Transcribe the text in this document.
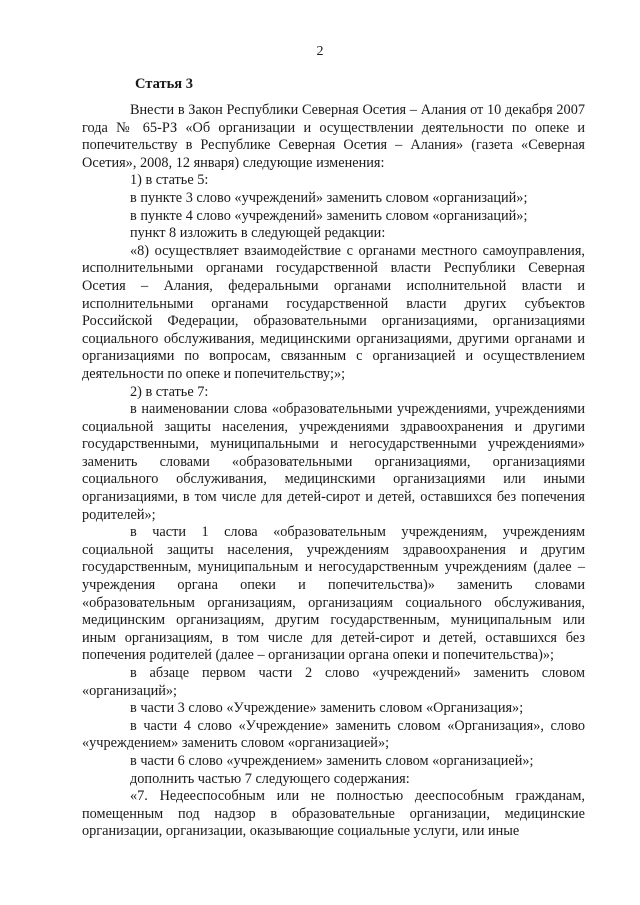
2
Статья 3

Внести в Закон Республики Северная Осетия – Алания от 10 декабря 2007 года № 65-РЗ «Об организации и осуществлении деятельности по опеке и попечительству в Республике Северная Осетия – Алания» (газета «Северная Осетия», 2008, 12 января) следующие изменения:

1) в статье 5:

в пункте 3 слово «учреждений» заменить словом «организаций»;

в пункте 4 слово «учреждений» заменить словом «организаций»;

пункт 8 изложить в следующей редакции:

«8) осуществляет взаимодействие с органами местного самоуправления, исполнительными органами государственной власти Республики Северная Осетия – Алания, федеральными органами исполнительной власти и исполнительными органами государственной власти других субъектов Российской Федерации, образовательными организациями, организациями социального обслуживания, медицинскими организациями, другими органами и организациями по вопросам, связанным с организацией и осуществлением деятельности по опеке и попечительству;»;

2) в статье 7:

в наименовании слова «образовательными учреждениями, учреждениями социальной защиты населения, учреждениями здравоохранения и другими государственными, муниципальными и негосударственными учреждениями» заменить словами «образовательными организациями, организациями социального обслуживания, медицинскими организациями или иными организациями, в том числе для детей-сирот и детей, оставшихся без попечения родителей»;

в части 1 слова «образовательным учреждениям, учреждениям социальной защиты населения, учреждениям здравоохранения и другим государственным, муниципальным и негосударственным учреждениям (далее – учреждения органа опеки и попечительства)» заменить словами «образовательным организациям, организациям социального обслуживания, медицинским организациям, другим государственным, муниципальным или иным организациям, в том числе для детей-сирот и детей, оставшихся без попечения родителей (далее – организации органа опеки и попечительства)»;

в абзаце первом части 2 слово «учреждений» заменить словом «организаций»;

в части 3 слово «Учреждение» заменить словом «Организация»;

в части 4 слово «Учреждение» заменить словом «Организация», слово «учреждением» заменить словом «организацией»;

в части 6 слово «учреждением» заменить словом «организацией»;

дополнить частью 7 следующего содержания:

«7. Недееспособным или не полностью дееспособным гражданам, помещенным под надзор в образовательные организации, медицинские организации, организации, оказывающие социальные услуги, или иные
